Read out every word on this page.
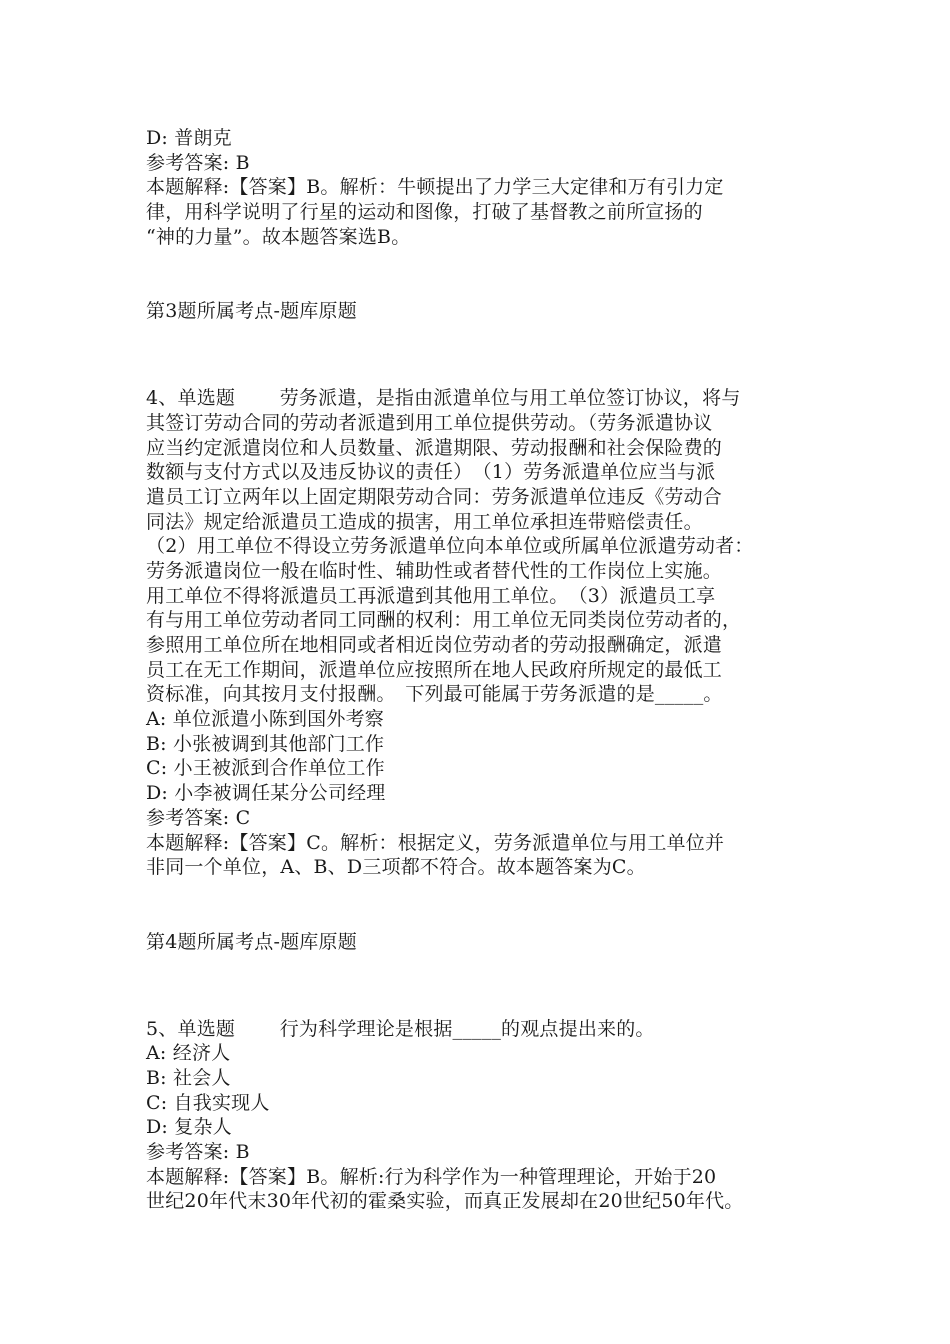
D: 普朗克
参考答案: B
本题解释:【答案】B。解析：牛顿提出了力学三大定律和万有引力定
律，用科学说明了行星的运动和图像，打破了基督教之前所宣扬的
“神的力量”。故本题答案选B。
第3题所属考点-题库原题
4、单选题　　 劳务派遣，是指由派遣单位与用工单位签订协议，将与
其签订劳动合同的劳动者派遣到用工单位提供劳动。（劳务派遣协议
应当约定派遣岗位和人员数量、派遣期限、劳动报酬和社会保险费的
数额与支付方式以及违反协议的责任）　（1）劳务派遣单位应当与派
遣员工订立两年以上固定期限劳动合同：劳务派遣单位违反《劳动合
同法》规定给派遣员工造成的损害，用工单位承担连带赔偿责任。
（2）用工单位不得设立劳务派遣单位向本单位或所属单位派遣劳动者：
劳务派遣岗位一般在临时性、辅助性或者替代性的工作岗位上实施。
用工单位不得将派遣员工再派遣到其他用工单位。　（3）派遣员工享
有与用工单位劳动者同工同酬的权利：用工单位无同类岗位劳动者的，
参照用工单位所在地相同或者相近岗位劳动者的劳动报酬确定，派遣
员工在无工作期间，派遣单位应按照所在地人民政府所规定的最低工
资标准，向其按月支付报酬。　下列最可能属于劳务派遣的是_____。
A: 单位派遣小陈到国外考察
B: 小张被调到其他部门工作
C: 小王被派到合作单位工作
D: 小李被调任某分公司经理
参考答案: C
本题解释:【答案】C。解析：根据定义，劳务派遣单位与用工单位并
非同一个单位，A、B、D三项都不符合。故本题答案为C。
第4题所属考点-题库原题
5、单选题　　 行为科学理论是根据_____的观点提出来的。
A: 经济人
B: 社会人
C: 自我实现人
D: 复杂人
参考答案: B
本题解释:【答案】B。解析:行为科学作为一种管理理论，开始于20
世纪20年代末30年代初的霍桑实验，而真正发展却在20世纪50年代。
